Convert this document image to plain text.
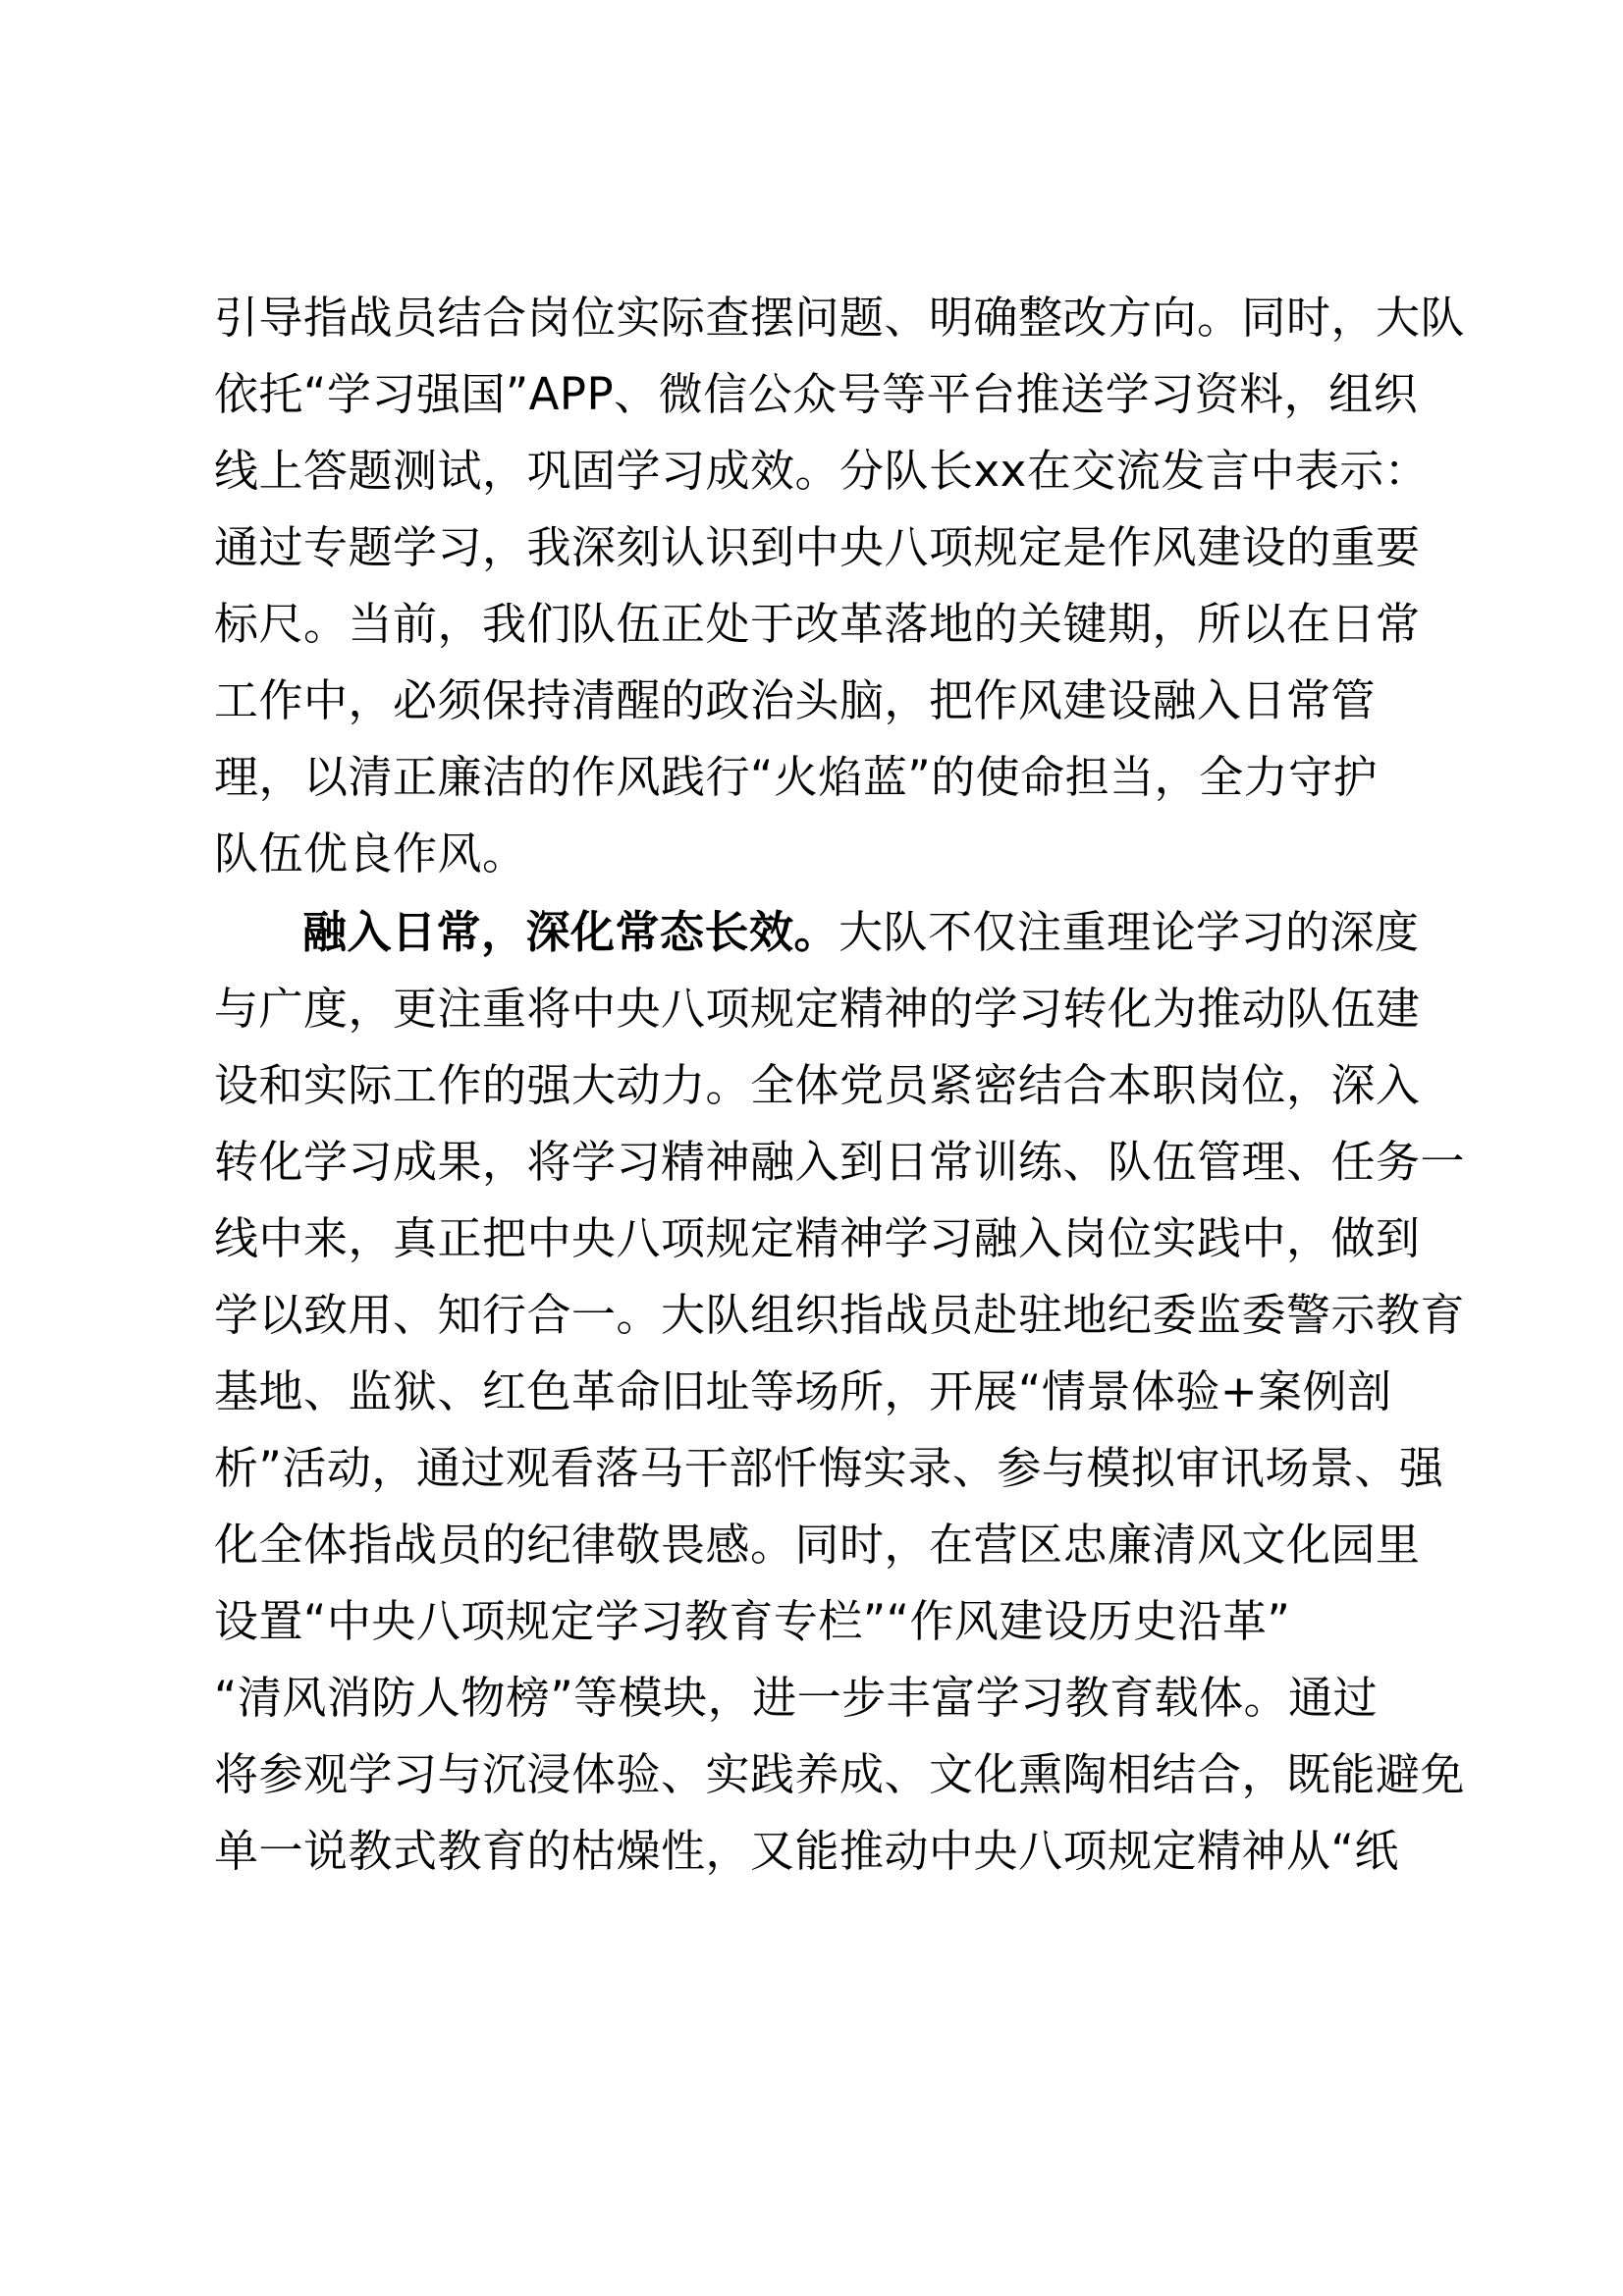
引导指战员结合岗位实际查摆问题、明确整改方向。同时，大队
依托“学习强国”APP、微信公众号等平台推送学习资料，组织
线上答题测试，巩固学习成效。分队长xx在交流发言中表示：
通过专题学习，我深刻认识到中央八项规定是作风建设的重要
标尺。当前，我们队伍正处于改革落地的关键期，所以在日常
工作中，必须保持清醒的政治头脑，把作风建设融入日常管
理，以清正廉洁的作风践行“火焰蓝”的使命担当，全力守护
队伍优良作风。
融入日常，深化常态长效。大队不仅注重理论学习的深度
与广度，更注重将中央八项规定精神的学习转化为推动队伍建
设和实际工作的强大动力。全体党员紧密结合本职岗位，深入
转化学习成果，将学习精神融入到日常训练、队伍管理、任务一
线中来，真正把中央八项规定精神学习融入岗位实践中，做到
学以致用、知行合一。大队组织指战员赴驻地纪委监委警示教育
基地、监狱、红色革命旧址等场所，开展“情景体验+案例剖
析”活动，通过观看落马干部忏悔实录、参与模拟审讯场景、强
化全体指战员的纪律敬畏感。同时，在营区忠廉清风文化园里
设置“中央八项规定学习教育专栏”“作风建设历史沿革”
“清风消防人物榜”等模块，进一步丰富学习教育载体。通过
将参观学习与沉浸体验、实践养成、文化熏陶相结合，既能避免
单一说教式教育的枯燥性，又能推动中央八项规定精神从“纸
